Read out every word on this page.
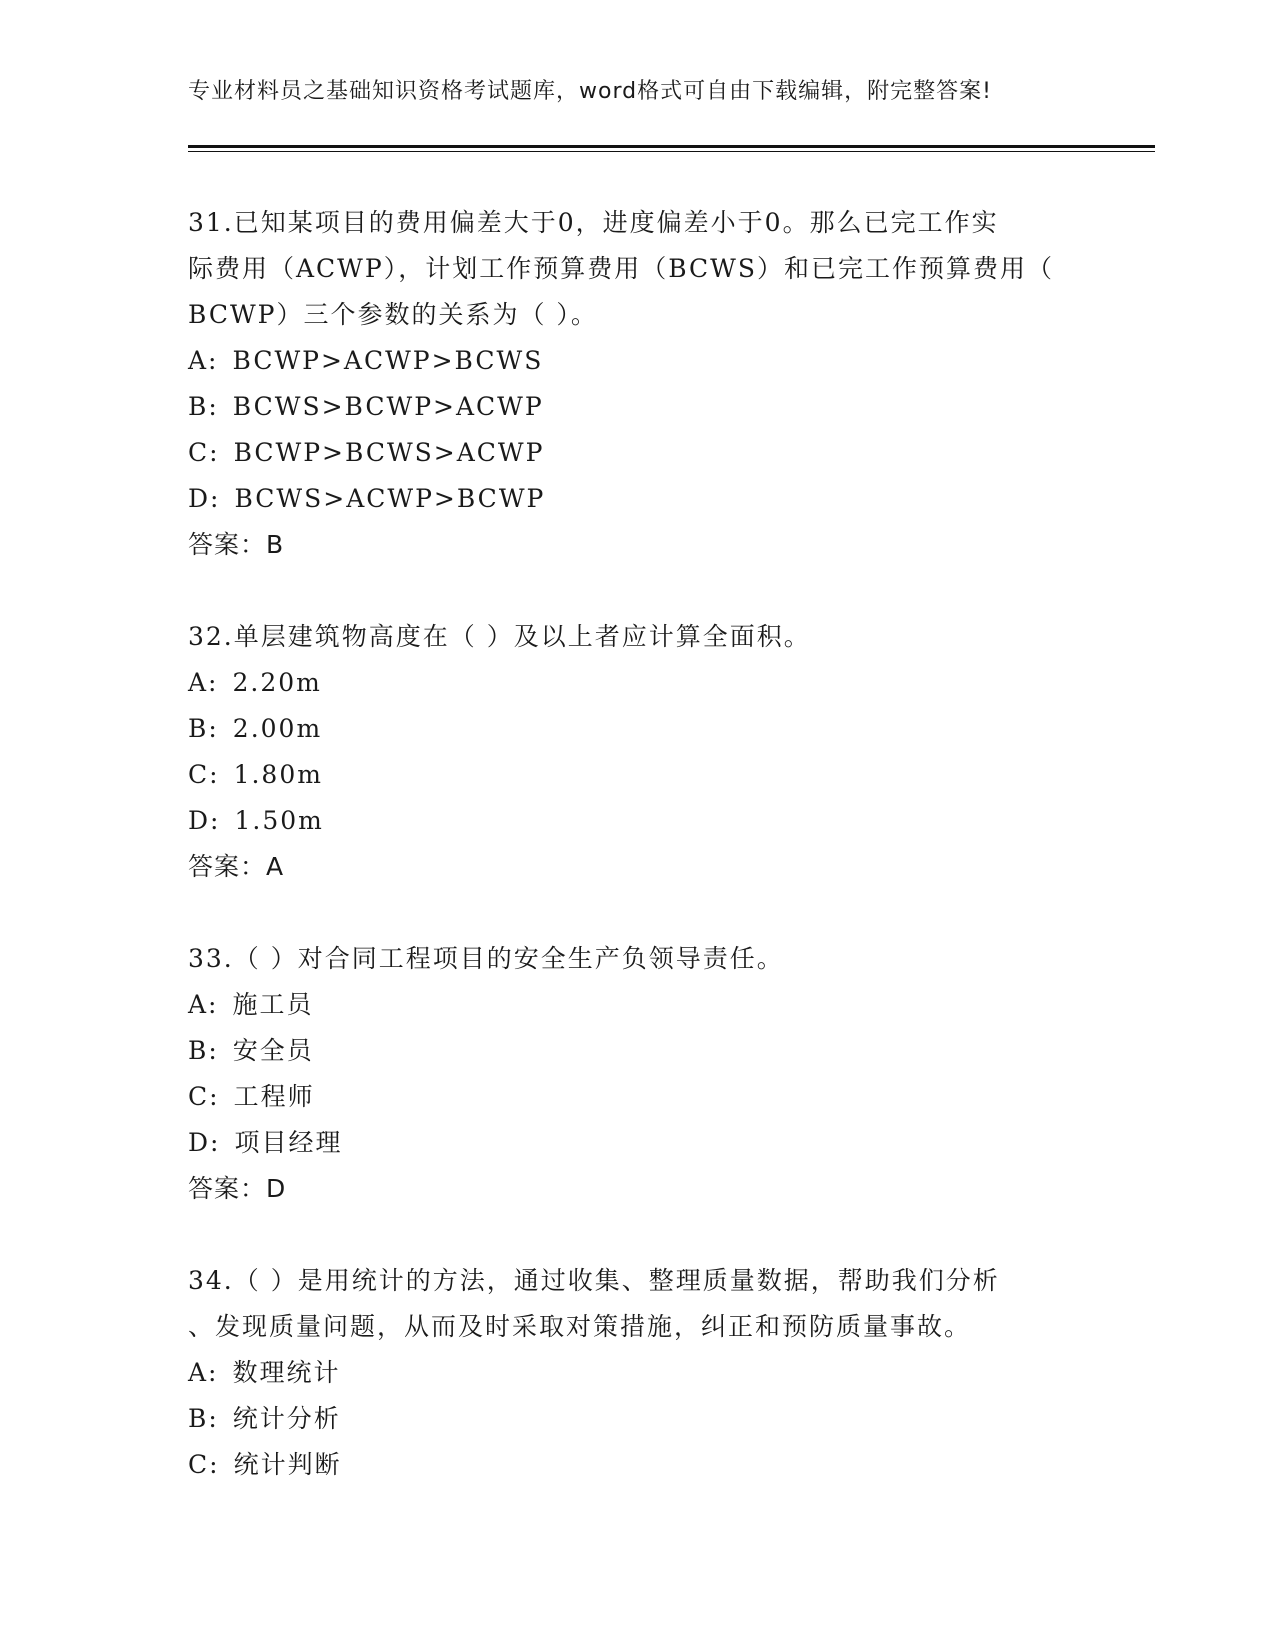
专业材料员之基础知识资格考试题库，word格式可自由下载编辑，附完整答案!

31.已知某项目的费用偏差大于0，进度偏差小于0。那么已完工作实

际费用（ACWP），计划工作预算费用（BCWS）和已完工作预算费用（

BCWP）三个参数的关系为（ ）。

A: BCWP>ACWP>BCWS

B: BCWS>BCWP>ACWP

C: BCWP>BCWS>ACWP

D: BCWS>ACWP>BCWP

答案：B

32.单层建筑物高度在（ ）及以上者应计算全面积。

A: 2.20m

B: 2.00m

C: 1.80m

D: 1.50m

答案：A

33.（ ）对合同工程项目的安全生产负领导责任。

A: 施工员

B: 安全员

C: 工程师

D: 项目经理

答案：D

34.（ ）是用统计的方法，通过收集、整理质量数据，帮助我们分析

、发现质量问题，从而及时采取对策措施，纠正和预防质量事故。

A: 数理统计

B: 统计分析

C: 统计判断
